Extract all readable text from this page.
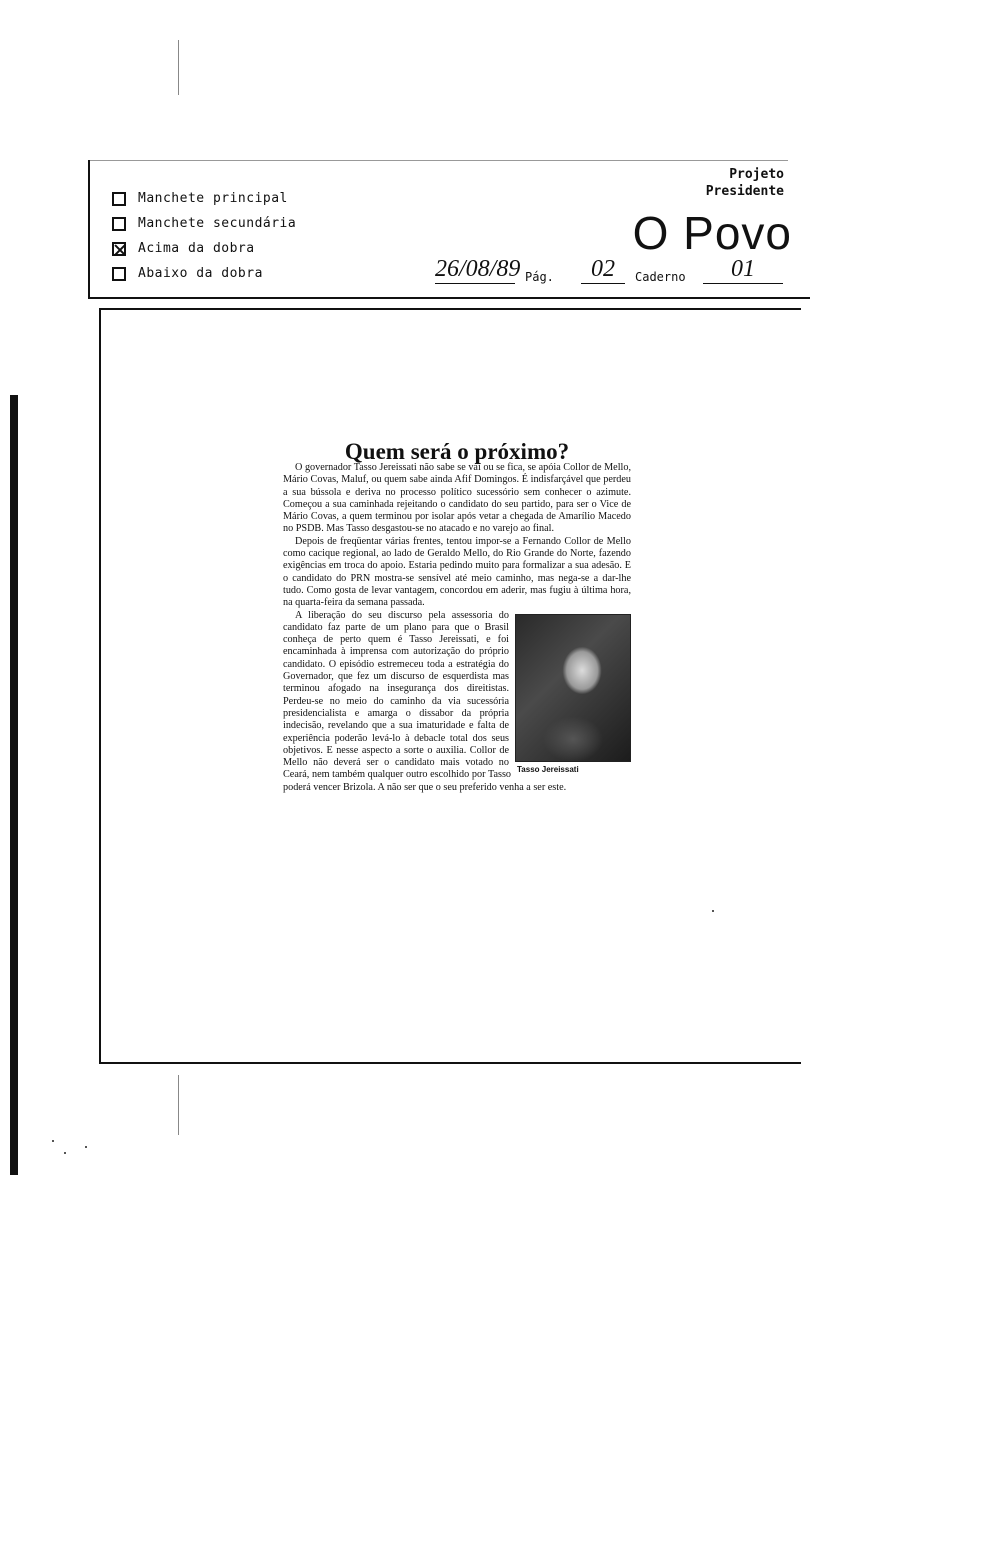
Manchete principal
Manchete secundária
Acima da dobra
Abaixo da dobra
Projeto
Presidente
O Povo
26/08/89 Pág.	02	Caderno	01
Quem será o próximo?

O governador Tasso Jereissati não sabe se vai ou se fica, se apóia Collor de Mello, Mário Covas, Maluf, ou quem sabe ainda Afif Domingos. É indisfarçável que perdeu a sua bússola e deriva no processo político sucessório sem conhecer o azimute. Começou a sua caminhada rejeitando o candidato do seu partido, para ser o Vice de Mário Covas, a quem terminou por isolar após vetar a chegada de Amarílio Macedo no PSDB. Mas Tasso desgastou-se no atacado e no varejo ao final.

Depois de freqüentar várias frentes, tentou impor-se a Fernando Collor de Mello como cacique regional, ao lado de Geraldo Mello, do Rio Grande do Norte, fazendo exigências em troca do apoio. Estaria pedindo muito para formalizar a sua adesão. E o candidato do PRN mostra-se sensível até meio caminho, mas nega-se a dar-lhe tudo. Como gosta de levar vantagem, concordou em aderir, mas fugiu à última hora, na quarta-feira da semana passada.

Tasso Jereissati

A liberação do seu discurso pela assessoria do candidato faz parte de um plano para que o Brasil conheça de perto quem é Tasso Jereissati, e foi encaminhada à imprensa com autorização do próprio candidato. O episódio estremeceu toda a estratégia do Governador, que fez um discurso de esquerdista mas terminou afogado na insegurança dos direitistas. Perdeu-se no meio do caminho da via sucessória presidencialista e amarga o dissabor da própria indecisão, revelando que a sua imaturidade e falta de experiência poderão levá-lo à debacle total dos seus objetivos. E nesse aspecto a sorte o auxilia. Collor de Mello não deverá ser o candidato mais votado no Ceará, nem também qualquer outro escolhido por Tasso poderá vencer Brizola. A não ser que o seu preferido venha a ser este.
